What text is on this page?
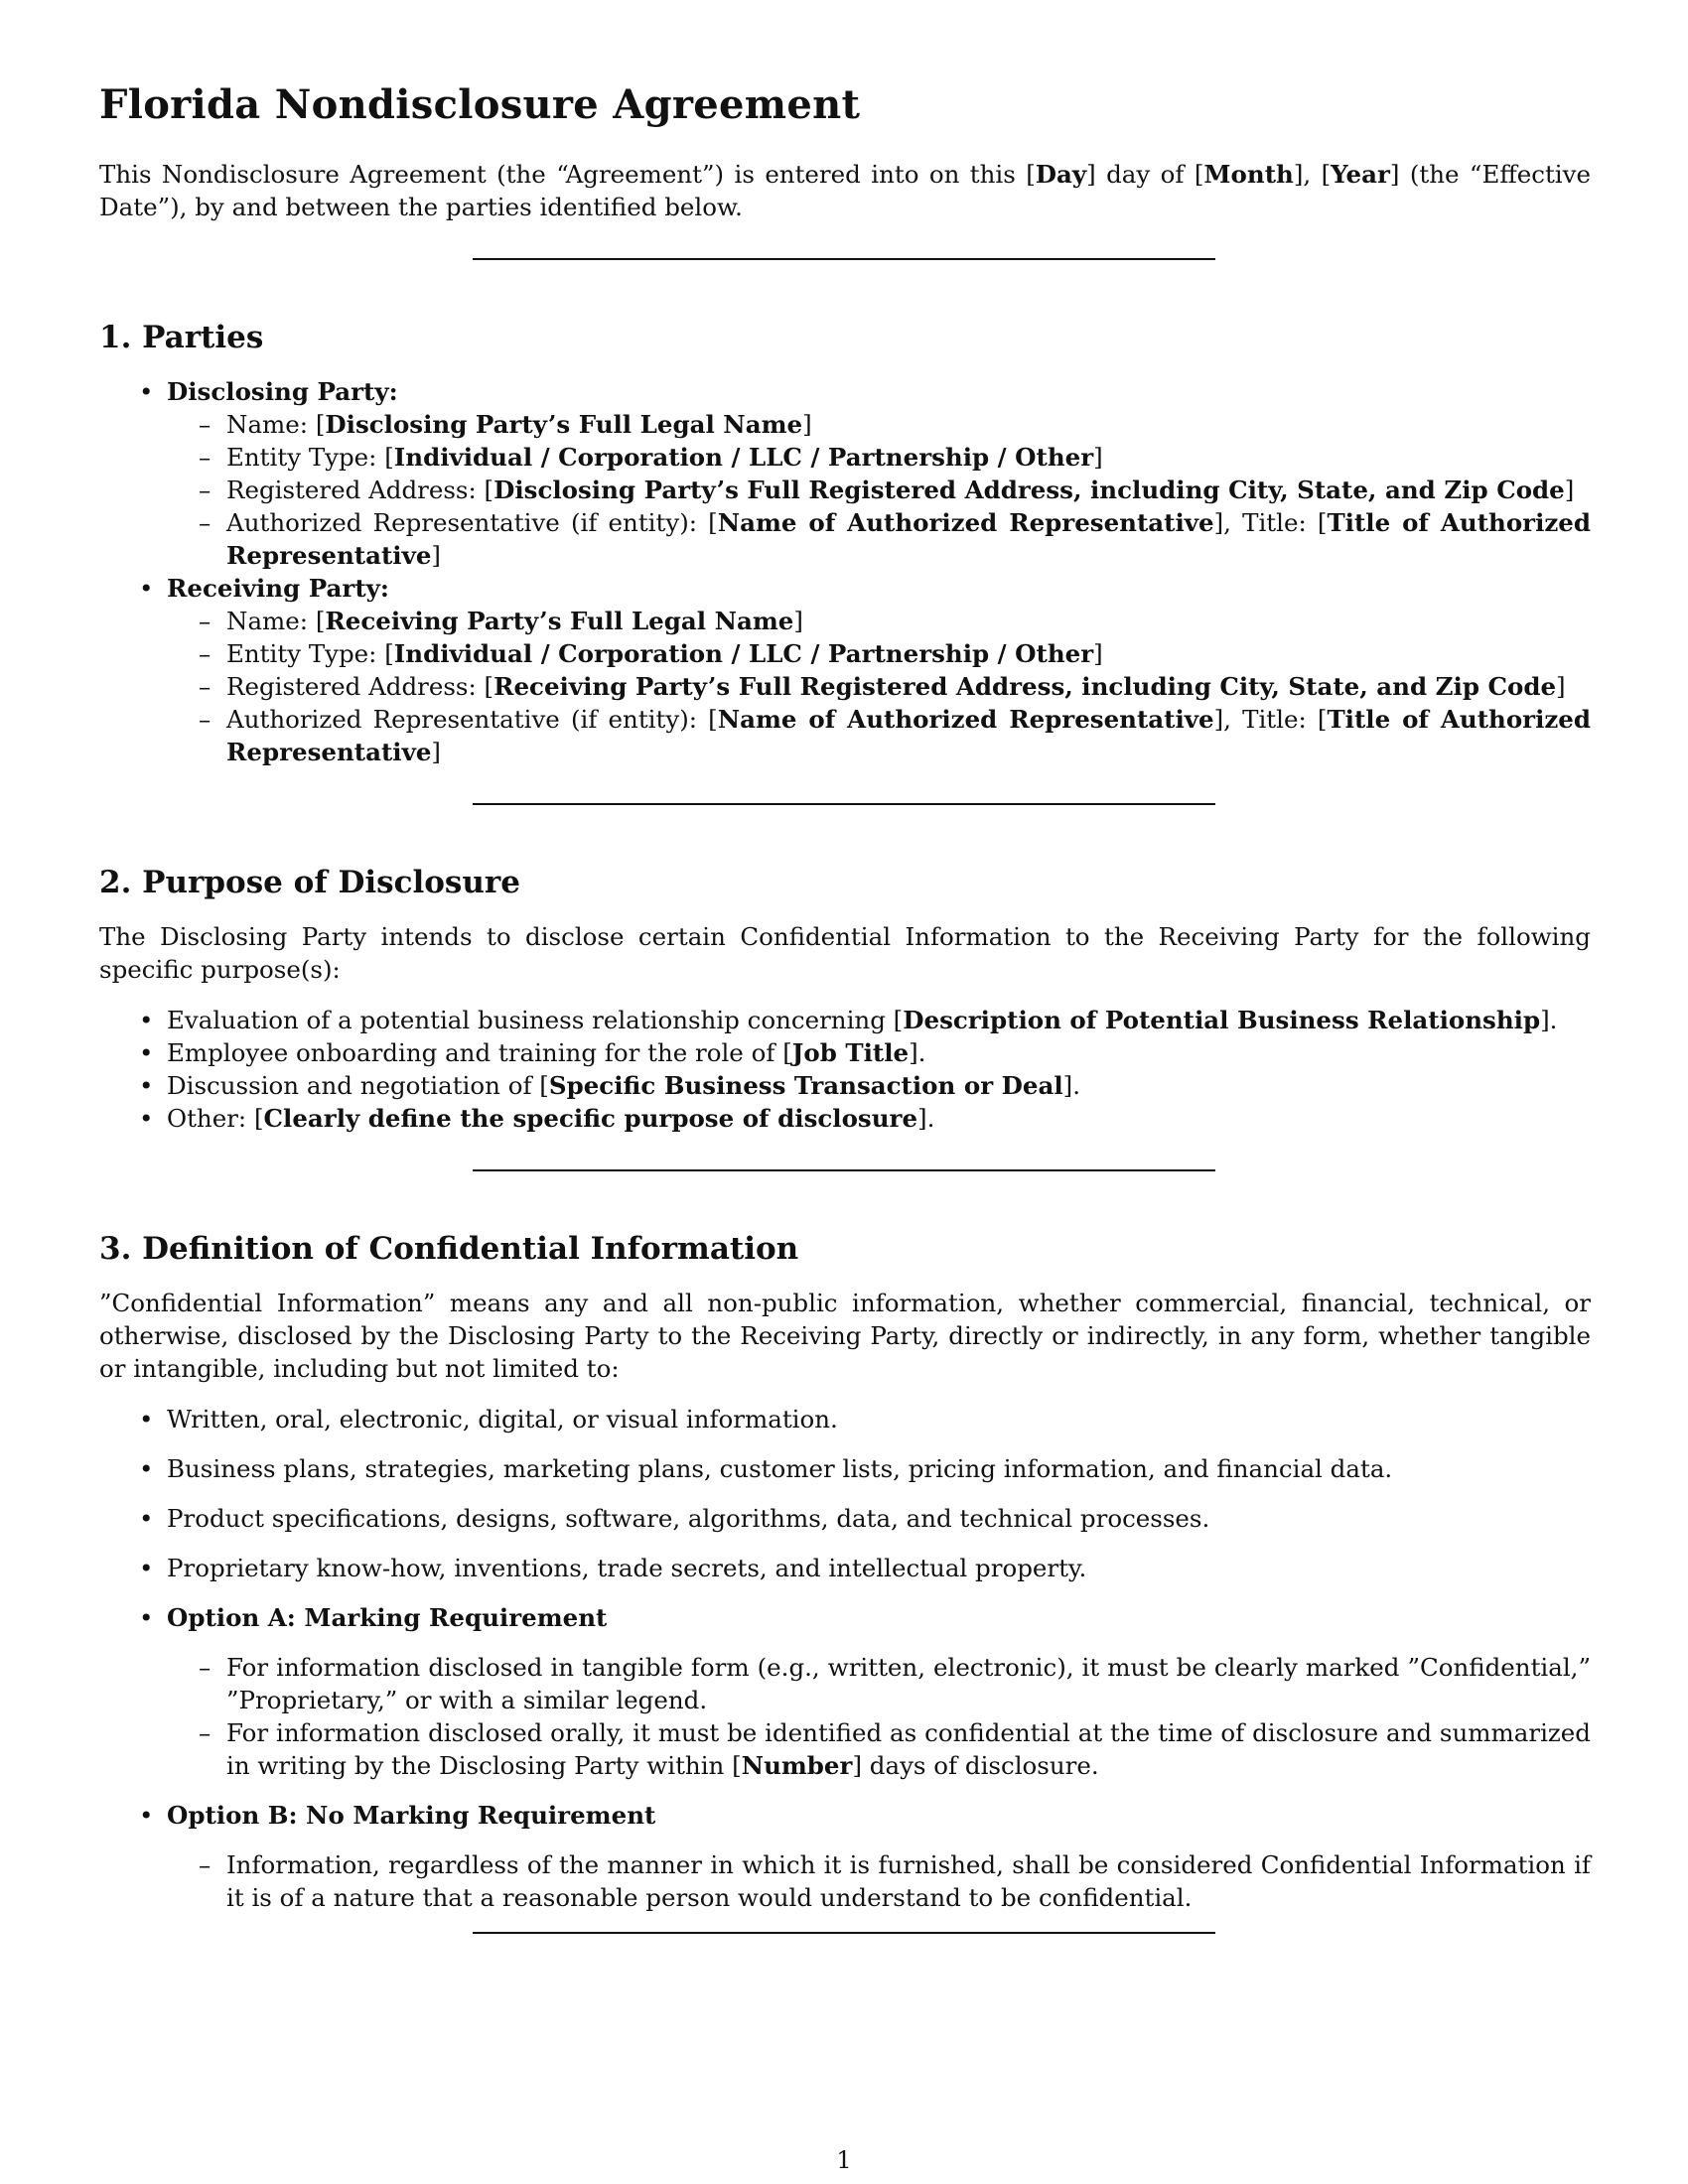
Florida Nondisclosure Agreement

This Nondisclosure Agreement (the “Agreement”) is entered into on this [Day] day of [Month], [Year] (the “Effective Date”), by and between the parties identified below.

1. Parties
• Disclosing Party:
– Name: [Disclosing Party’s Full Legal Name]
– Entity Type: [Individual / Corporation / LLC / Partnership / Other]
– Registered Address: [Disclosing Party’s Full Registered Address, including City, State, and Zip Code]
– Authorized Representative (if entity): [Name of Authorized Representative], Title: [Title of Authorized Representative]
• Receiving Party:
– Name: [Receiving Party’s Full Legal Name]
– Entity Type: [Individual / Corporation / LLC / Partnership / Other]
– Registered Address: [Receiving Party’s Full Registered Address, including City, State, and Zip Code]
– Authorized Representative (if entity): [Name of Authorized Representative], Title: [Title of Authorized Representative]
2. Purpose of Disclosure

The Disclosing Party intends to disclose certain Confidential Information to the Receiving Party for the following specific purpose(s):

• Evaluation of a potential business relationship concerning [Description of Potential Business Relationship].
• Employee onboarding and training for the role of [Job Title].
• Discussion and negotiation of [Specific Business Transaction or Deal].
• Other: [Clearly define the specific purpose of disclosure].
3. Definition of Confidential Information

”Confidential Information” means any and all non-public information, whether commercial, financial, technical, or otherwise, disclosed by the Disclosing Party to the Receiving Party, directly or indirectly, in any form, whether tangible or intangible, including but not limited to:

• Written, oral, electronic, digital, or visual information.
• Business plans, strategies, marketing plans, customer lists, pricing information, and financial data.
• Product specifications, designs, software, algorithms, data, and technical processes.
• Proprietary know-how, inventions, trade secrets, and intellectual property.
• Option A: Marking Requirement
– For information disclosed in tangible form (e.g., written, electronic), it must be clearly marked ”Confidential,” ”Proprietary,” or with a similar legend.
– For information disclosed orally, it must be identified as confidential at the time of disclosure and summarized in writing by the Disclosing Party within [Number] days of disclosure.
• Option B: No Marking Requirement
– Information, regardless of the manner in which it is furnished, shall be considered Confidential Information if it is of a nature that a reasonable person would understand to be confidential.
1
